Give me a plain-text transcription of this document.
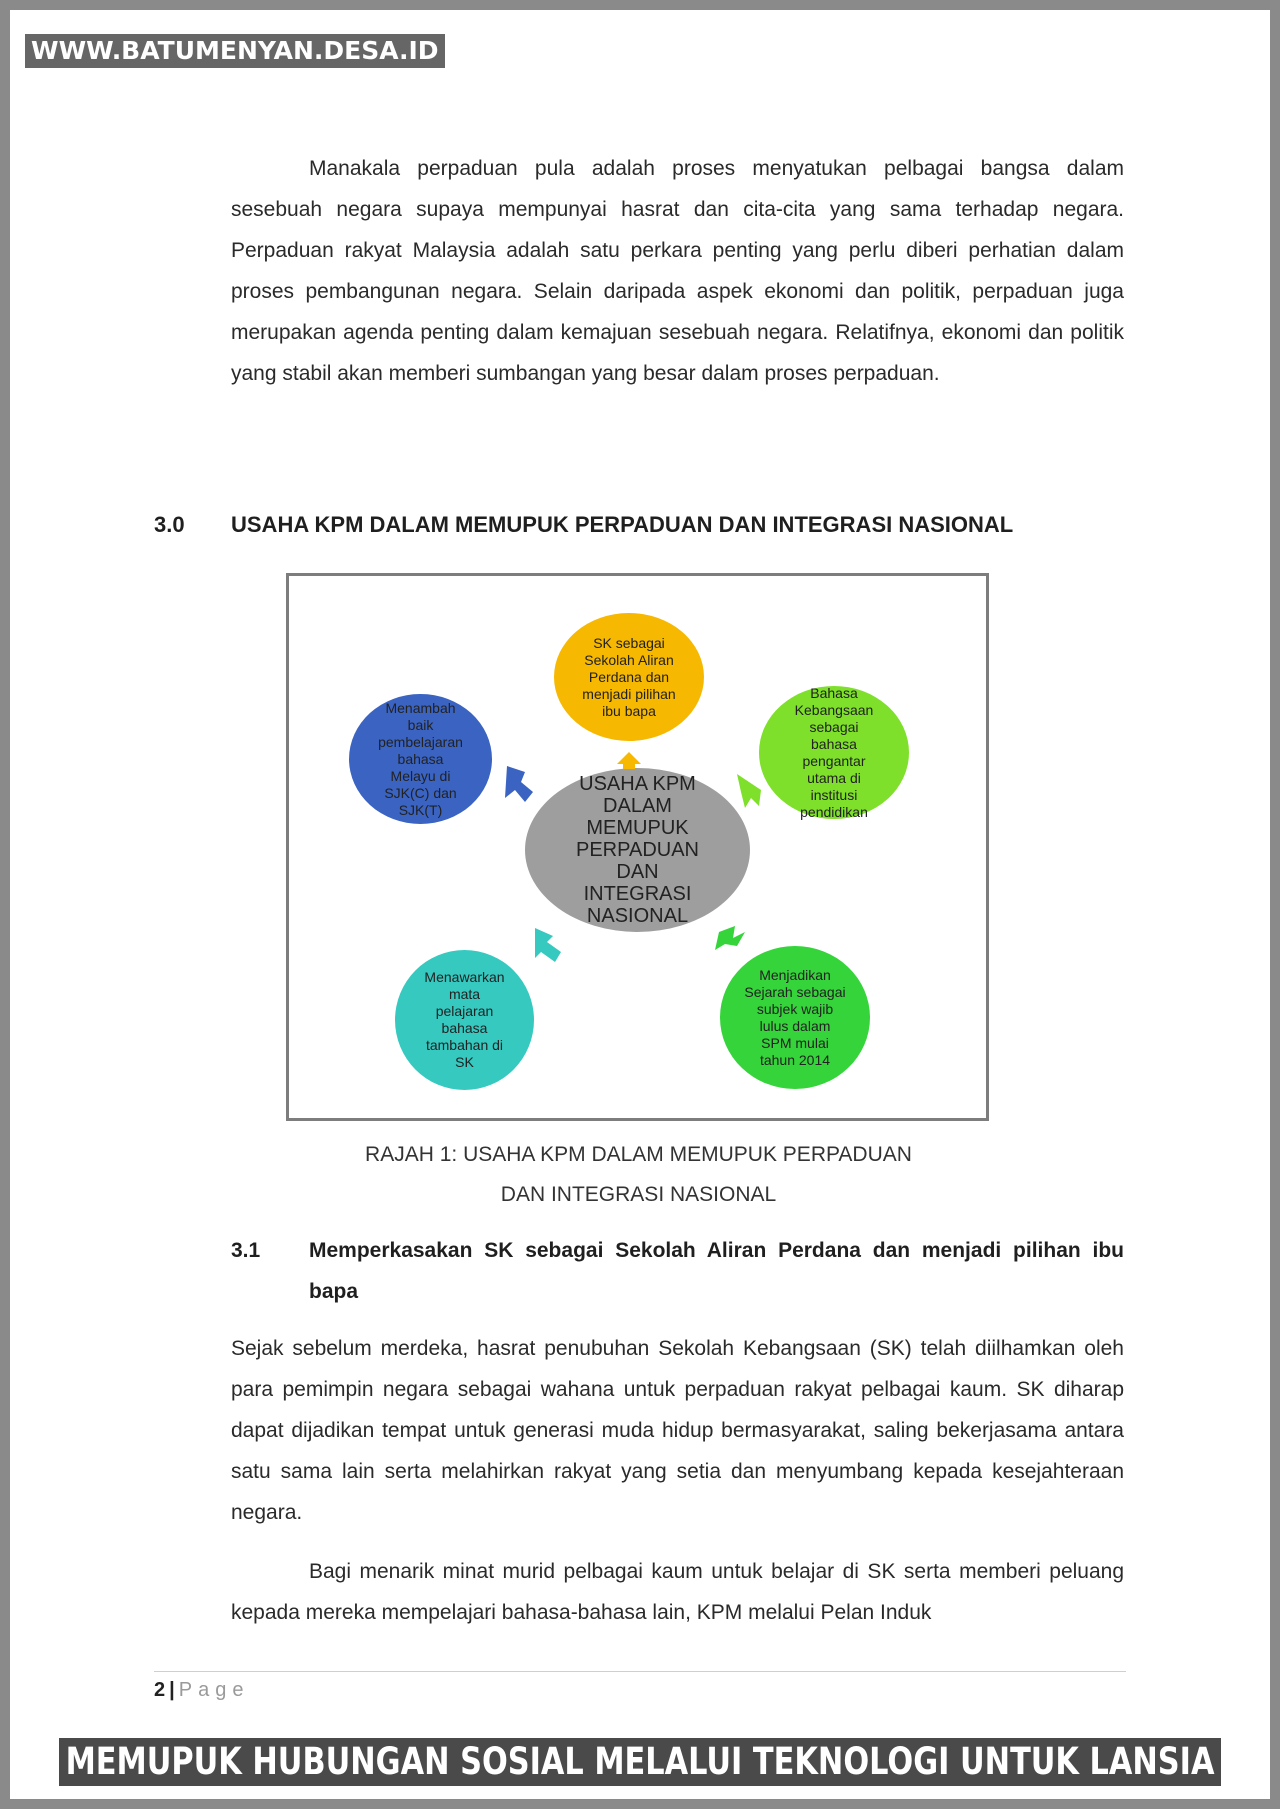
WWW.BATUMENYAN.DESA.ID

Manakala perpaduan pula adalah proses menyatukan pelbagai bangsa dalam sesebuah negara supaya mempunyai hasrat dan cita-cita yang sama terhadap negara. Perpaduan rakyat Malaysia adalah satu perkara penting yang perlu diberi perhatian dalam proses pembangunan negara. Selain daripada aspek ekonomi dan politik, perpaduan juga merupakan agenda penting dalam kemajuan sesebuah negara. Relatifnya, ekonomi dan politik yang stabil akan memberi sumbangan yang besar dalam proses perpaduan.

3.0 USAHA KPM DALAM MEMUPUK PERPADUAN DAN INTEGRASI NASIONAL
SK sebagai
Sekolah Aliran
Perdana dan
menjadi pilihan
ibu bapa
Bahasa
Kebangsaan
sebagai
bahasa
pengantar
utama di
institusi
pendidikan
Menambah
baik
pembelajaran
bahasa
Melayu di
SJK(C) dan
SJK(T)
USAHA KPM
DALAM
MEMUPUK
PERPADUAN
DAN
INTEGRASI
NASIONAL
Menawarkan
mata
pelajaran
bahasa
tambahan di
SK
Menjadikan
Sejarah sebagai
subjek wajib
lulus dalam
SPM mulai
tahun 2014
RAJAH 1: USAHA KPM DALAM MEMUPUK PERPADUAN
DAN INTEGRASI NASIONAL
3.1 Memperkasakan SK sebagai Sekolah Aliran Perdana dan menjadi pilihan ibu bapa

Sejak sebelum merdeka, hasrat penubuhan Sekolah Kebangsaan (SK) telah diilhamkan oleh para pemimpin negara sebagai wahana untuk perpaduan rakyat pelbagai kaum. SK diharap dapat dijadikan tempat untuk generasi muda hidup bermasyarakat, saling bekerjasama antara satu sama lain serta melahirkan rakyat yang setia dan menyumbang kepada kesejahteraan negara.

Bagi menarik minat murid pelbagai kaum untuk belajar di SK serta memberi peluang kepada mereka mempelajari bahasa-bahasa lain, KPM melalui Pelan Induk

2 | Page
MEMUPUK HUBUNGAN SOSIAL MELALUI TEKNOLOGI UNTUK LANSIA
